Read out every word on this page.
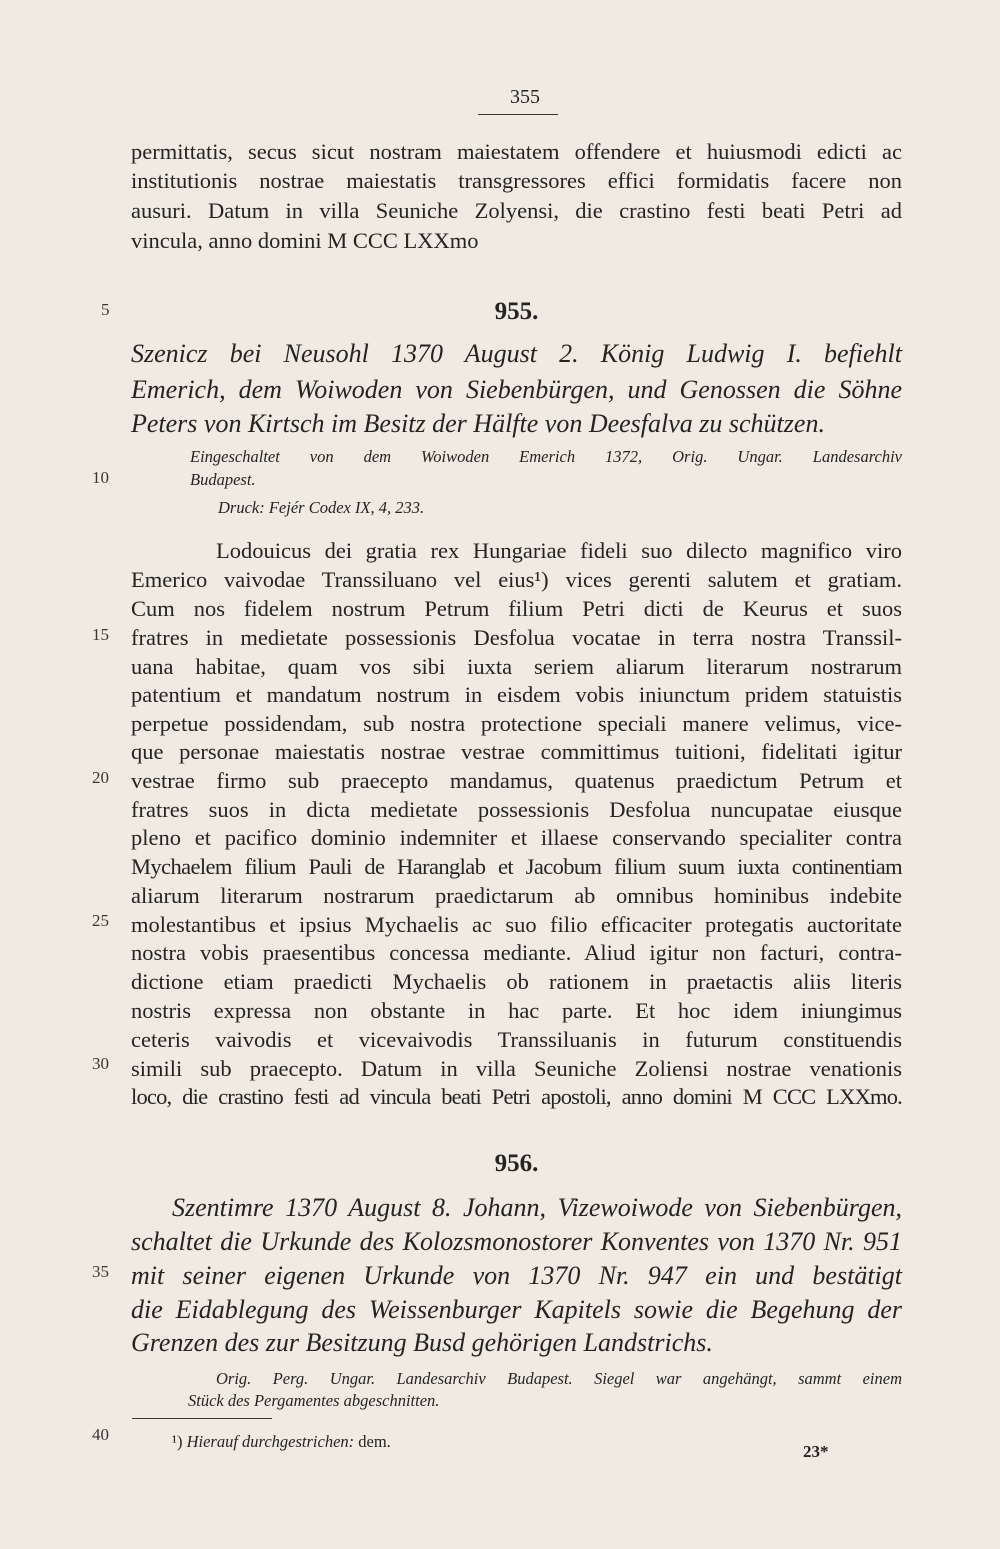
355
permittatis, secus sicut nostram maiestatem offendere et huiusmodi edicti ac
institutionis nostrae maiestatis transgressores effici formidatis facere non
ausuri. Datum in villa Seuniche Zolyensi, die crastino festi beati Petri ad
vincula, anno domini M CCC LXXmo
955.
Szenicz bei Neusohl 1370 August 2. König Ludwig I. befiehlt
Emerich, dem Woiwoden von Siebenbürgen, und Genossen die Söhne
Peters von Kirtsch im Besitz der Hälfte von Deesfalva zu schützen.
Eingeschaltet von dem Woiwoden Emerich 1372, Orig. Ungar. Landesarchiv
Budapest.
Druck: Fejér Codex IX, 4, 233.
Lodouicus dei gratia rex Hungariae fideli suo dilecto magnifico viro
Emerico vaivodae Transsiluano vel eius¹) vices gerenti salutem et gratiam.
Cum nos fidelem nostrum Petrum filium Petri dicti de Keurus et suos
fratres in medietate possessionis Desfolua vocatae in terra nostra Transsil-
uana habitae, quam vos sibi iuxta seriem aliarum literarum nostrarum
patentium et mandatum nostrum in eisdem vobis iniunctum pridem statuistis
perpetue possidendam, sub nostra protectione speciali manere velimus, vice-
que personae maiestatis nostrae vestrae committimus tuitioni, fidelitati igitur
vestrae firmo sub praecepto mandamus, quatenus praedictum Petrum et
fratres suos in dicta medietate possessionis Desfolua nuncupatae eiusque
pleno et pacifico dominio indemniter et illaese conservando specialiter contra
Mychaelem filium Pauli de Haranglab et Jacobum filium suum iuxta continentiam
aliarum literarum nostrarum praedictarum ab omnibus hominibus indebite
molestantibus et ipsius Mychaelis ac suo filio efficaciter protegatis auctoritate
nostra vobis praesentibus concessa mediante. Aliud igitur non facturi, contra-
dictione etiam praedicti Mychaelis ob rationem in praetactis aliis literis
nostris expressa non obstante in hac parte. Et hoc idem iniungimus
ceteris vaivodis et vicevaivodis Transsiluanis in futurum constituendis
simili sub praecepto. Datum in villa Seuniche Zoliensi nostrae venationis
loco, die crastino festi ad vincula beati Petri apostoli, anno domini M CCC LXXmo.
956.
Szentimre 1370 August 8. Johann, Vizewoiwode von Siebenbürgen,
schaltet die Urkunde des Kolozsmonostorer Konventes von 1370 Nr. 951
mit seiner eigenen Urkunde von 1370 Nr. 947 ein und bestätigt
die Eidablegung des Weissenburger Kapitels sowie die Begehung der
Grenzen des zur Besitzung Busd gehörigen Landstrichs.
Orig. Perg. Ungar. Landesarchiv Budapest. Siegel war angehängt, sammt einem
Stück des Pergamentes abgeschnitten.
¹) Hierauf durchgestrichen: dem.
23*
5
10
15
20
25
30
35
40
